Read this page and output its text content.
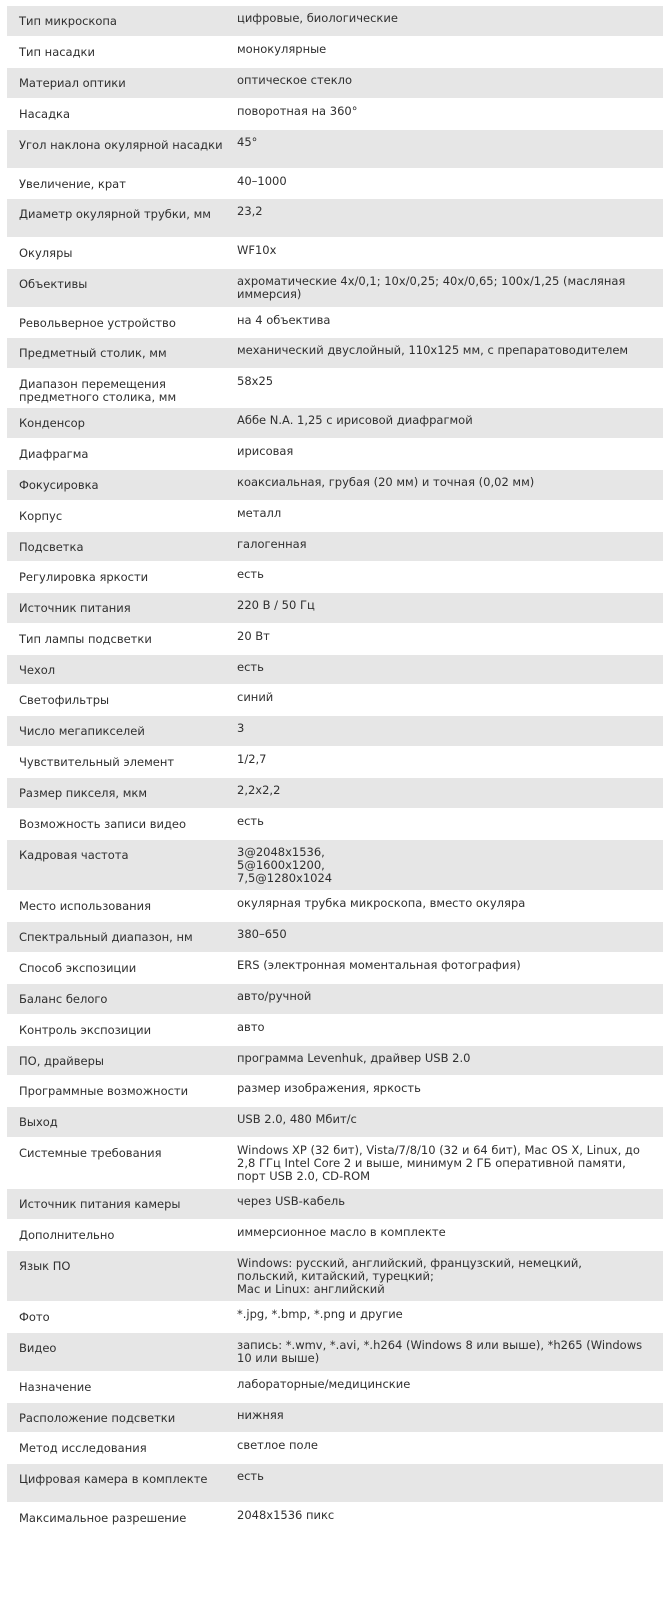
Тип микроскопа	цифровые, биологические
Тип насадки	монокулярные
Материал оптики	оптическое стекло
Насадка	поворотная на 360°
Угол наклона окулярной насадки	45°
Увеличение, крат	40–1000
Диаметр окулярной трубки, мм	23,2
Окуляры	WF10x
Объективы	ахроматические 4x/0,1; 10x/0,25; 40x/0,65; 100x/1,25 (масляная иммерсия)
Револьверное устройство	на 4 объектива
Предметный столик, мм	механический двуслойный, 110х125 мм, с препаратоводителем
Диапазон перемещения предметного столика, мм	58x25
Конденсор	Аббе N.A. 1,25 с ирисовой диафрагмой
Диафрагма	ирисовая
Фокусировка	коаксиальная, грубая (20 мм) и точная (0,02 мм)
Корпус	металл
Подсветка	галогенная
Регулировка яркости	есть
Источник питания	220 В / 50 Гц
Тип лампы подсветки	20 Вт
Чехол	есть
Светофильтры	синий
Число мегапикселей	3
Чувствительный элемент	1/2,7
Размер пикселя, мкм	2,2x2,2
Возможность записи видео	есть
Кадровая частота	3@2048x1536,
5@1600x1200,
7,5@1280x1024
Место использования	окулярная трубка микроскопа, вместо окуляра
Спектральный диапазон, нм	380–650
Способ экспозиции	ERS (электронная моментальная фотография)
Баланс белого	авто/ручной
Контроль экспозиции	авто
ПО, драйверы	программа Levenhuk, драйвер USB 2.0
Программные возможности	размер изображения, яркость
Выход	USB 2.0, 480 Мбит/с
Системные требования	Windows XP (32 бит), Vista/7/8/10 (32 и 64 бит), Mac OS X, Linux, до 2,8 ГГц Intel Core 2 и выше, минимум 2 ГБ оперативной памяти, порт USB 2.0, CD-ROM
Источник питания камеры	через USB-кабель
Дополнительно	иммерсионное масло в комплекте
Язык ПО	Windows: русский, английский, французский, немецкий, польский, китайский, турецкий;
Mac и Linux: английский
Фото	*.jpg, *.bmp, *.png и другие
Видео	запись: *.wmv, *.avi, *.h264 (Windows 8 или выше), *h265 (Windows 10 или выше)
Назначение	лабораторные/медицинские
Расположение подсветки	нижняя
Метод исследования	светлое поле
Цифровая камера в комплекте	есть
Максимальное разрешение	2048x1536 пикс
